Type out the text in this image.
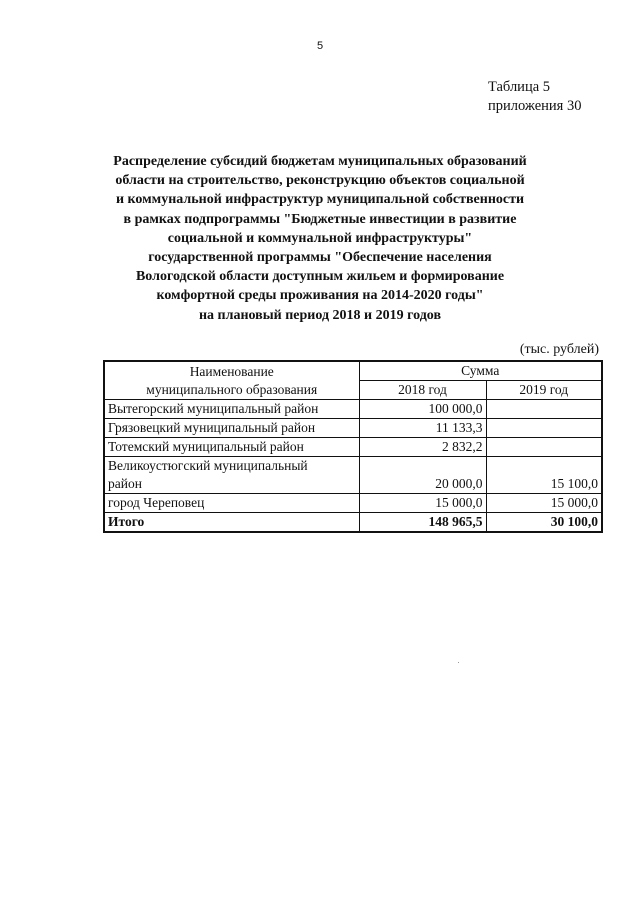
5
Таблица 5
приложения 30
Распределение субсидий бюджетам муниципальных образований
области на строительство, реконструкцию объектов социальной
и коммунальной инфраструктур муниципальной собственности
в рамках подпрограммы "Бюджетные инвестиции в развитие
социальной и коммунальной инфраструктуры"
государственной программы "Обеспечение населения
Вологодской области доступным жильем и формирование
комфортной среды проживания на 2014-2020 годы"
на плановый период 2018 и 2019 годов
(тыс. рублей)
Наименование
муниципального образования	Сумма	
	2018 год	2019 год
Вытегорский муниципальный район	100 000,0	
Грязовецкий муниципальный район	11 133,3	
Тотемский муниципальный район	2 832,2	

Великоустюгский муниципальный
район	20 000,0	15 100,0
город Череповец	15 000,0	15 000,0
Итого	148 965,5	30 100,0
